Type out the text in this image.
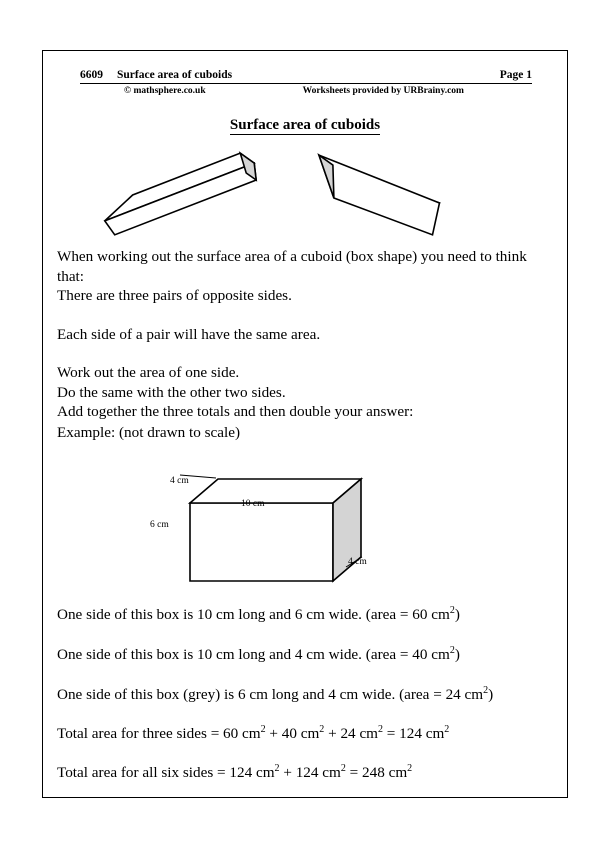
6609 Surface area of cuboids	Page 1
© mathsphere.co.uk	Worksheets provided by URBrainy.com
Surface area of cuboids
When working out the surface area of a cuboid (box shape) you need to think that:
There are three pairs of opposite sides.
Each side of a pair will have the same area.
Work out the area of one side.
Do the same with the other two sides.
Add together the three totals and then double your answer:
Example: (not drawn to scale)
4 cm
6 cm
10 cm
4 cm
One side of this box is 10 cm long and 6 cm wide. (area = 60 $cm^2$)
One side of this box is 10 cm long and 4 cm wide. (area = 40 $cm^2$)
One side of this box (grey) is 6 cm long and 4 cm wide. (area = 24 $cm^2$)
Total area for three sides = 60 $cm^2 + 40$ $cm^2 + 24$ $cm^2 = 124$ $cm^2$
Total area for all six sides = 124 $cm^2 + 124$ $cm^2 = 248$ $cm^2$
